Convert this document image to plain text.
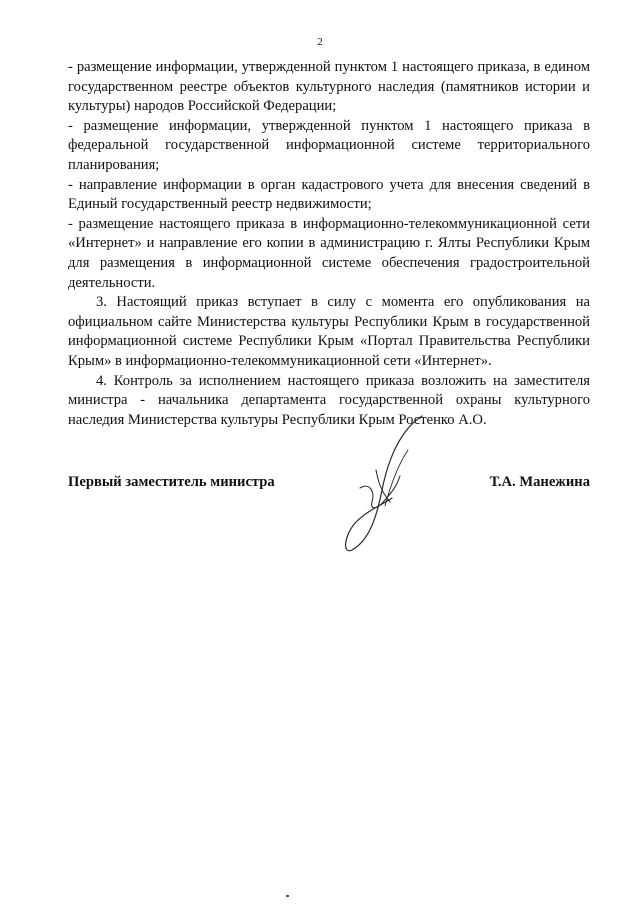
2

- размещение информации, утвержденной пунктом 1 настоящего приказа, в едином государственном реестре объектов культурного наследия (памятников истории и культуры) народов Российской Федерации;

- размещение информации, утвержденной пунктом 1 настоящего приказа в федеральной государственной информационной системе территориального планирования;

- направление информации в орган кадастрового учета для внесения сведений в Единый государственный реестр недвижимости;

- размещение настоящего приказа в информационно-телекоммуникационной сети «Интернет» и направление его копии в администрацию г. Ялты Республики Крым для размещения в информационной системе обеспечения градостроительной деятельности.

3. Настоящий приказ вступает в силу с момента его опубликования на официальном сайте Министерства культуры Республики Крым в государственной информационной системе Республики Крым «Портал Правительства Республики Крым» в информационно-телекоммуникационной сети «Интернет».

4. Контроль за исполнением настоящего приказа возложить на заместителя министра - начальника департамента государственной охраны культурного наследия Министерства культуры Республики Крым Ростенко А.О.

Первый заместитель министра	Т.А. Манежина
